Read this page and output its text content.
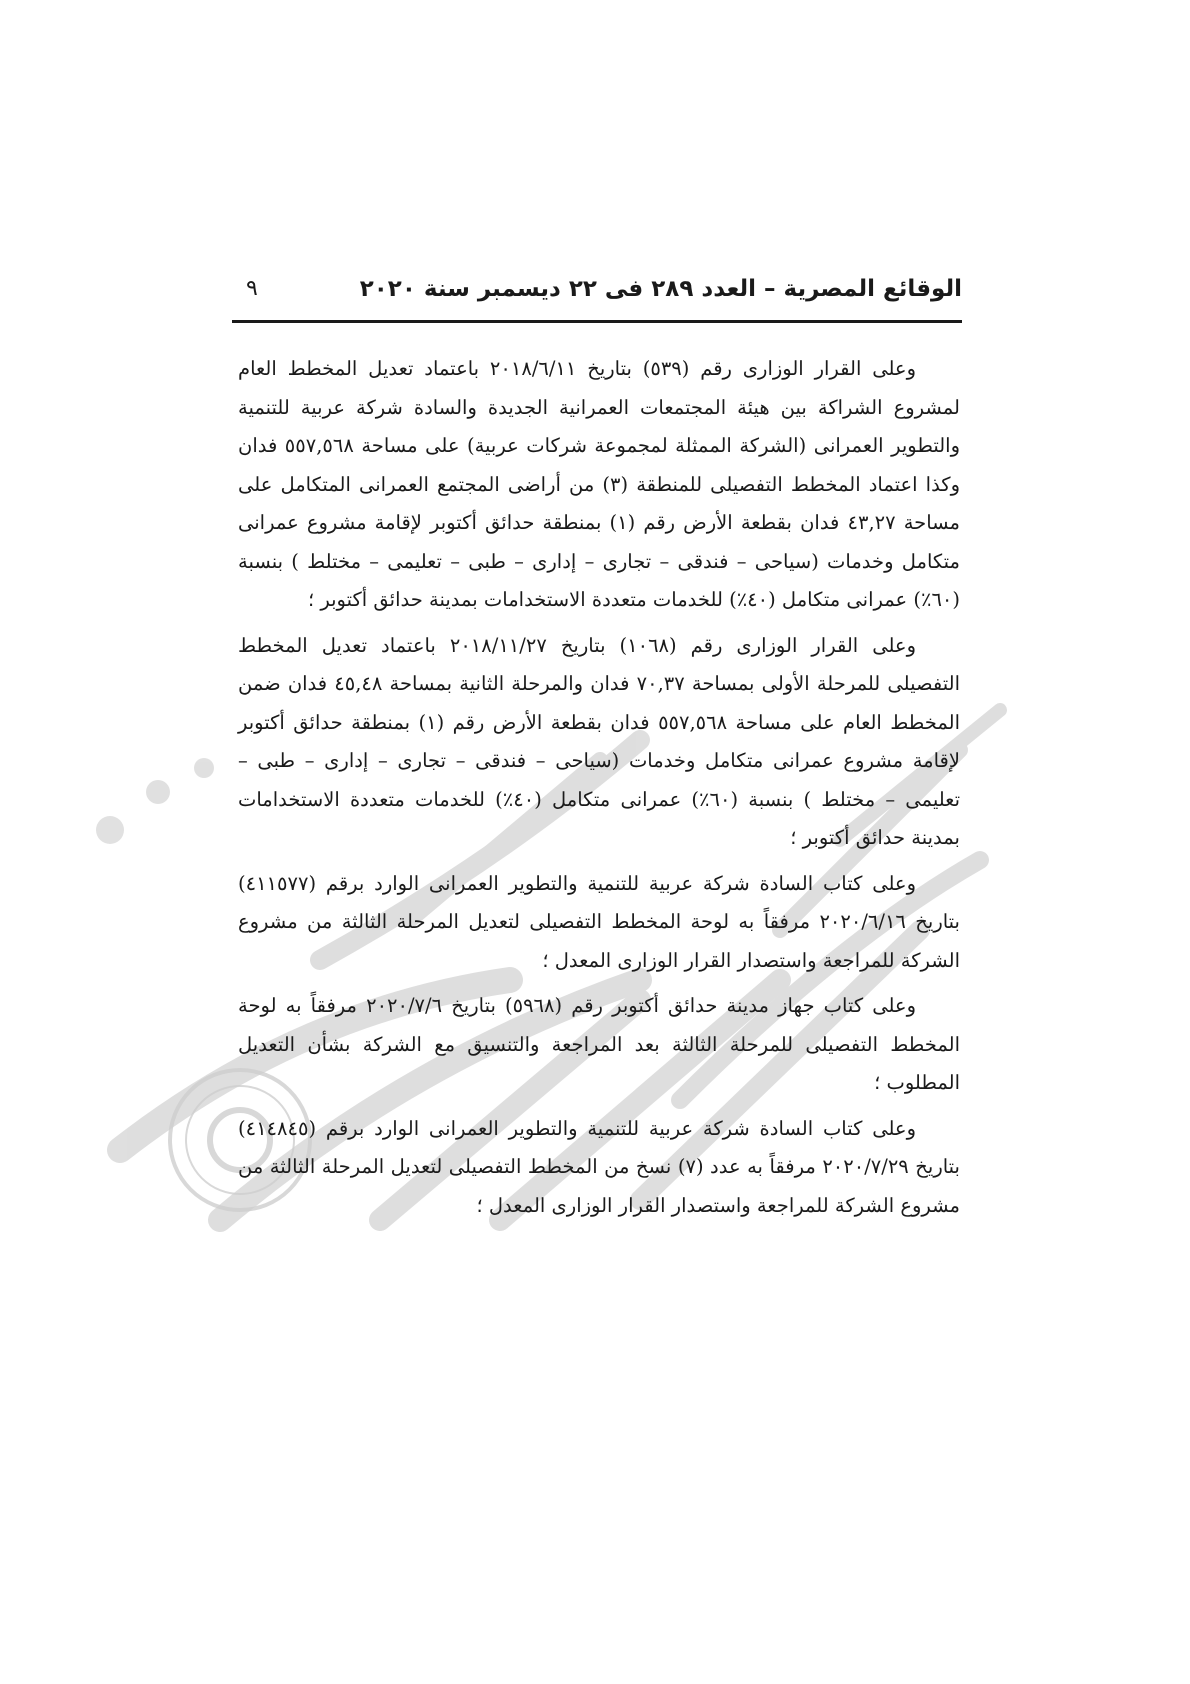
الوقائع المصرية – العدد ٢٨٩ فى ٢٢ ديسمبر سنة ٢٠٢٠
٩

وعلى القرار الوزارى رقم (٥٣٩) بتاريخ ٢٠١٨/٦/١١ باعتماد تعديل المخطط العام لمشروع الشراكة بين هيئة المجتمعات العمرانية الجديدة والسادة شركة عربية للتنمية والتطوير العمرانى (الشركة الممثلة لمجموعة شركات عربية) على مساحة ٥٥٧,٥٦٨ فدان وكذا اعتماد المخطط التفصيلى للمنطقة (٣) من أراضى المجتمع العمرانى المتكامل على مساحة ٤٣,٢٧ فدان بقطعة الأرض رقم (١) بمنطقة حدائق أكتوبر لإقامة مشروع عمرانى متكامل وخدمات (سياحى – فندقى – تجارى – إدارى – طبى – تعليمى – مختلط ) بنسبة (٦٠٪) عمرانى متكامل (٤٠٪) للخدمات متعددة الاستخدامات بمدينة حدائق أكتوبر ؛

وعلى القرار الوزارى رقم (١٠٦٨) بتاريخ ٢٠١٨/١١/٢٧ باعتماد تعديل المخطط التفصيلى للمرحلة الأولى بمساحة ٧٠,٣٧ فدان والمرحلة الثانية بمساحة ٤٥,٤٨ فدان ضمن المخطط العام على مساحة ٥٥٧,٥٦٨ فدان بقطعة الأرض رقم (١) بمنطقة حدائق أكتوبر لإقامة مشروع عمرانى متكامل وخدمات (سياحى – فندقى – تجارى – إدارى – طبى – تعليمى – مختلط ) بنسبة (٦٠٪) عمرانى متكامل (٤٠٪) للخدمات متعددة الاستخدامات بمدينة حدائق أكتوبر ؛

وعلى كتاب السادة شركة عربية للتنمية والتطوير العمرانى الوارد برقم (٤١١٥٧٧) بتاريخ ٢٠٢٠/٦/١٦ مرفقاً به لوحة المخطط التفصيلى لتعديل المرحلة الثالثة من مشروع الشركة للمراجعة واستصدار القرار الوزارى المعدل ؛

وعلى كتاب جهاز مدينة حدائق أكتوبر رقم (٥٩٦٨) بتاريخ ٢٠٢٠/٧/٦ مرفقاً به لوحة المخطط التفصيلى للمرحلة الثالثة بعد المراجعة والتنسيق مع الشركة بشأن التعديل المطلوب ؛

وعلى كتاب السادة شركة عربية للتنمية والتطوير العمرانى الوارد برقم (٤١٤٨٤٥) بتاريخ ٢٠٢٠/٧/٢٩ مرفقاً به عدد (٧) نسخ من المخطط التفصيلى لتعديل المرحلة الثالثة من مشروع الشركة للمراجعة واستصدار القرار الوزارى المعدل ؛
